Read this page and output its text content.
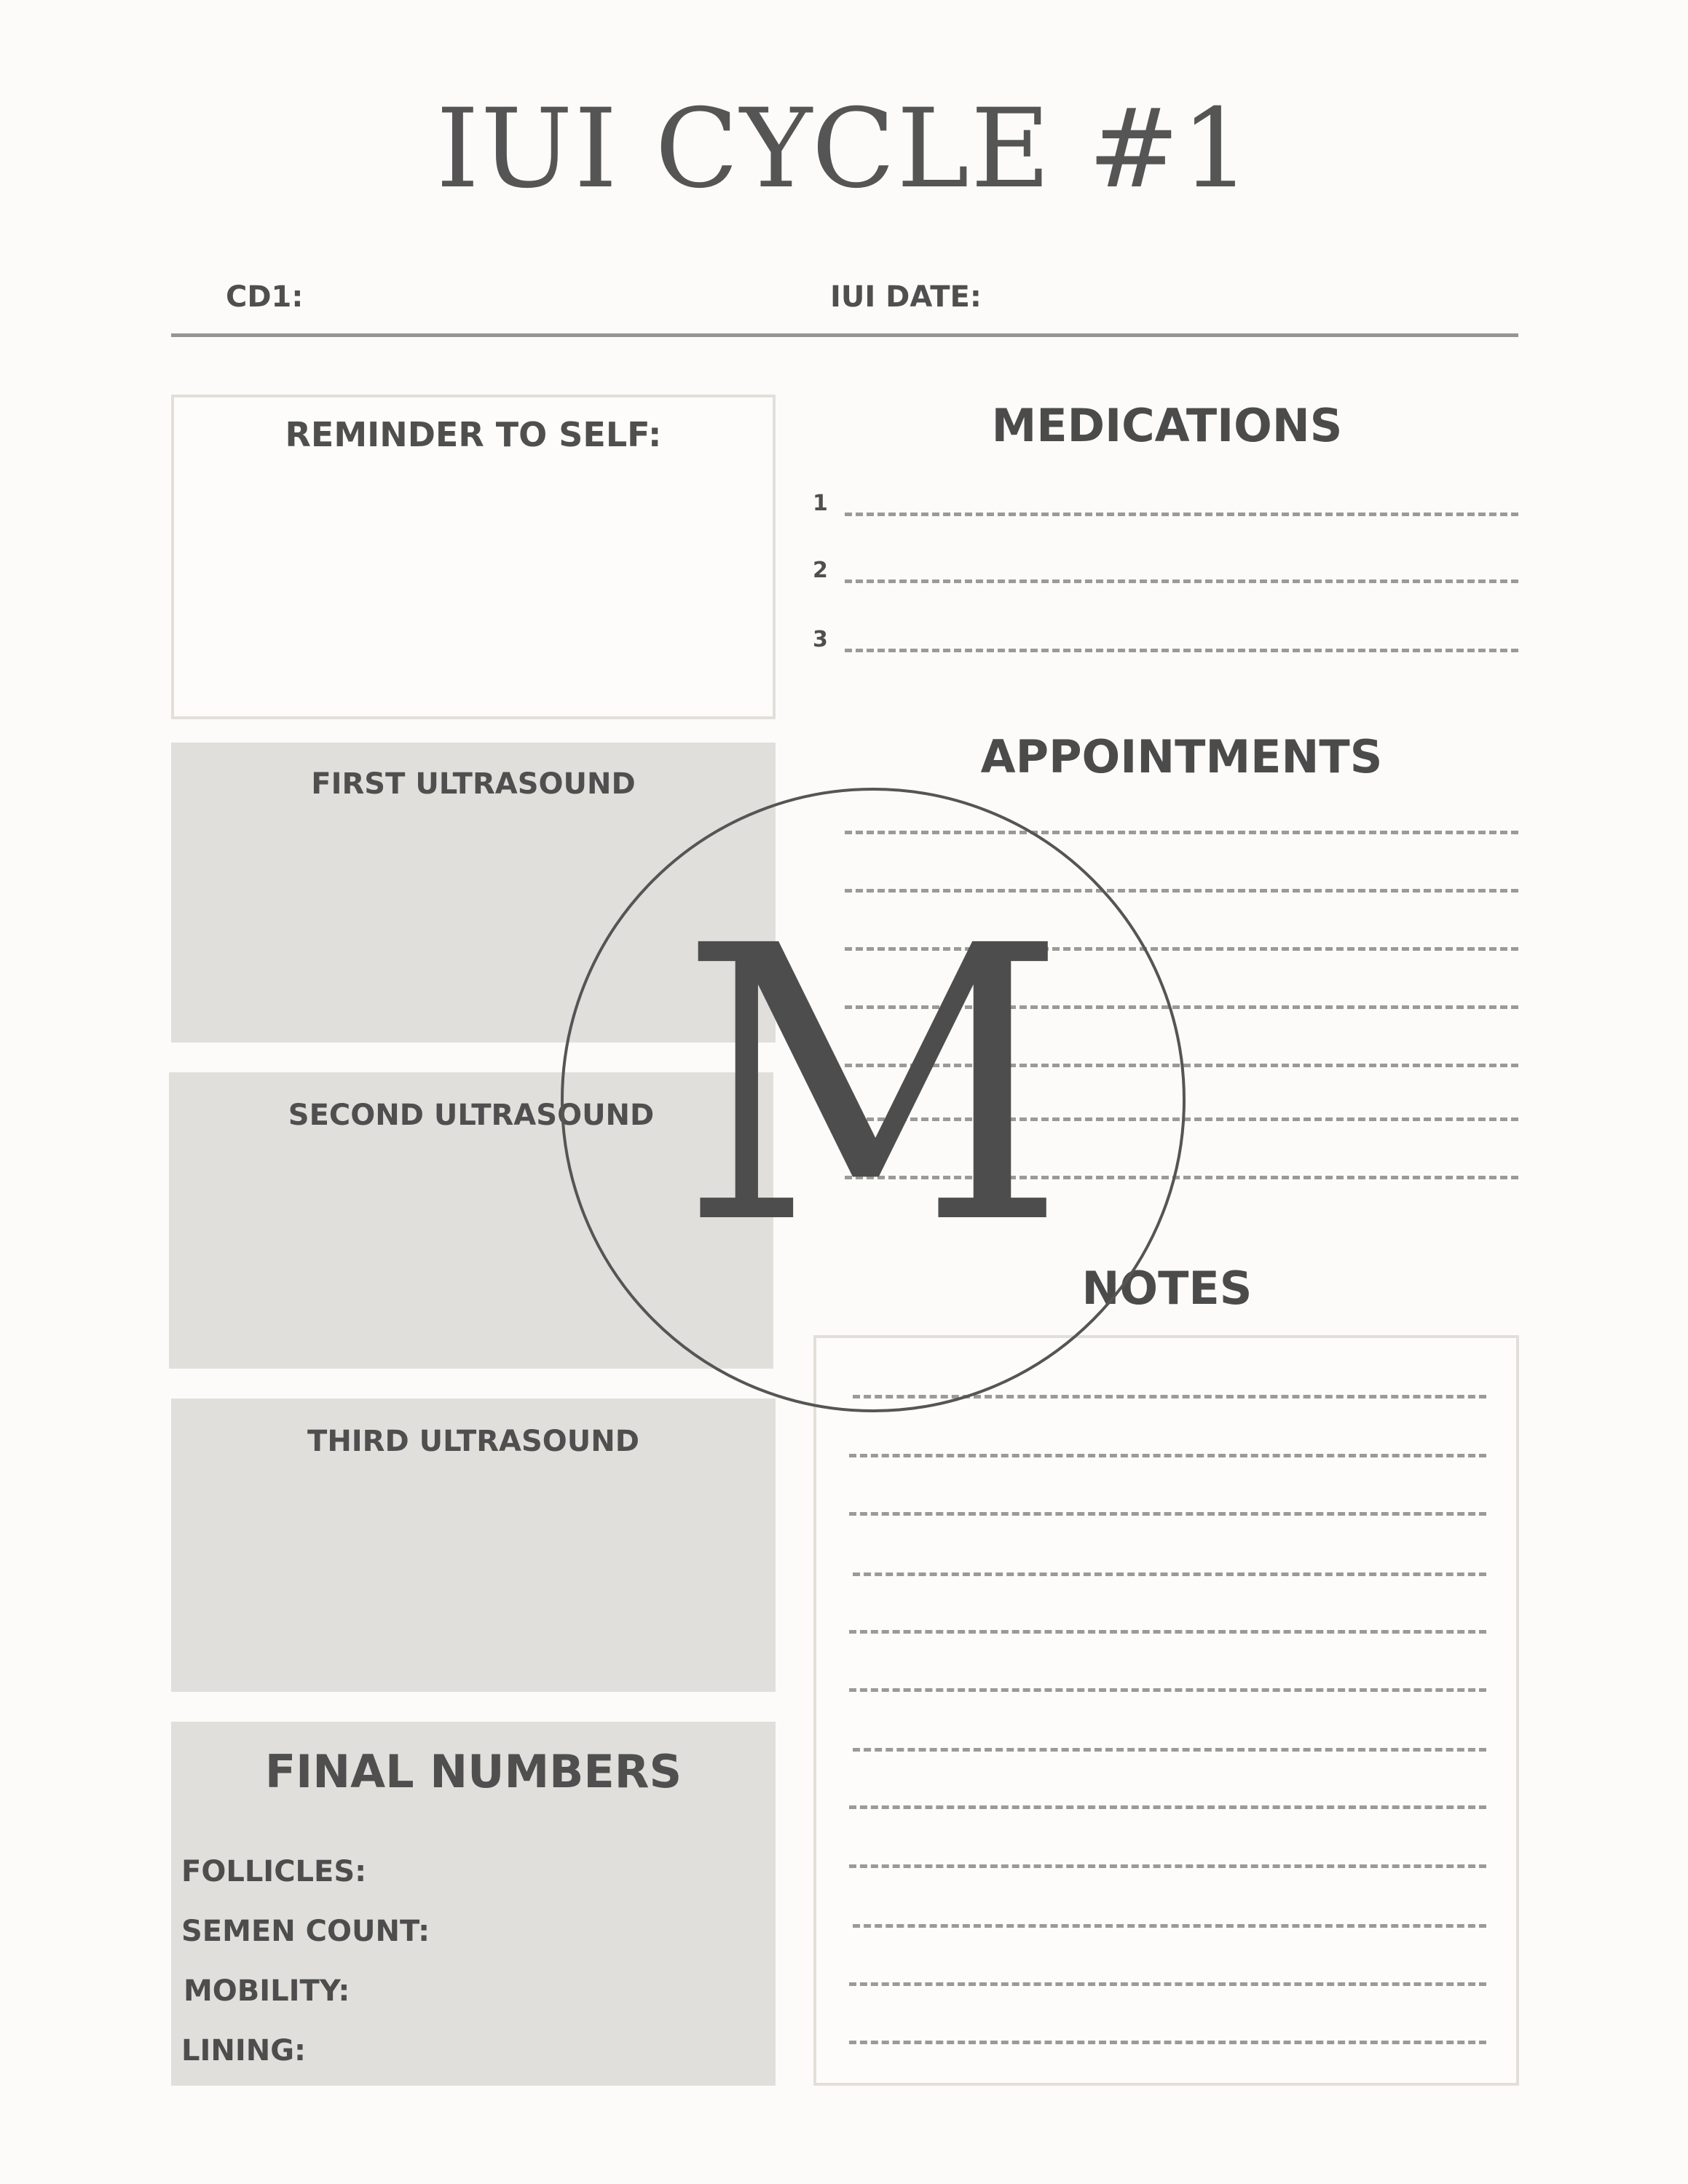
IUI CYCLE #1
CD1:	IUI DATE:
REMINDER TO SELF:
FIRST ULTRASOUND
SECOND ULTRASOUND
THIRD ULTRASOUND
FINAL NUMBERS
FOLLICLES:
SEMEN COUNT:
MOBILITY:
LINING:
MEDICATIONS
1
2
3
APPOINTMENTS
NOTES
M
